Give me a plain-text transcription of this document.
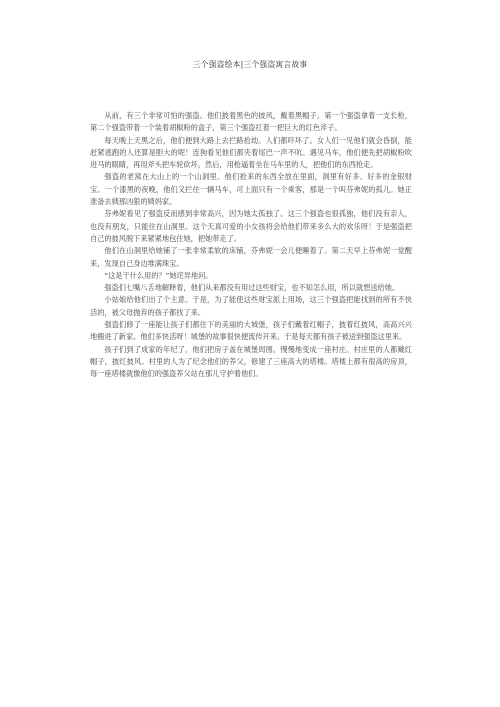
三个强盗绘本|三个强盗寓言故事

从前，有三个非常可怕的强盗。他们披着黑色的披风，戴着黑帽子。第一个强盗拿着一支长枪，第二个强盗带着一个装着胡椒粉的盒子，第三个强盗扛着一把巨大的红色斧子。

每天晚上天黑之后，他们便到大路上去拦路抢劫。人们都吓坏了。女人们一见他们就会昏倒，能赶紧逃跑的人还算是胆大的呢！连狗看见他们都夹着尾巴一声不吭。遇见马车，他们便先把胡椒粉吹进马的眼睛，再用斧头把车轮砍坏，然后，用枪逼着坐在马车里的人，把他们的东西抢走。

强盗的老窝在大山上的一个山洞里。他们抢来的东西全放在里面，洞里有好多、好多的金银财宝。一个漆黑的夜晚，他们又拦住一辆马车，可上面只有一个乘客，那是一个叫芬弗妮的孤儿。她正准备去姨那凶狠的姨妈家。

芬弗妮看见了强盗反而感到非常高兴，因为她太孤独了。这三个强盗也很孤独，他们没有亲人，也没有朋友，只能住在山洞里。这个天真可爱的小女孩将会给他们带来多么大的欢乐呀！于是强盗把自己的披风脱下来紧紧地包住她，把她带走了。

他们在山洞里给她铺了一张非常柔软的床铺，芬弗妮一会儿便睡着了。第二天早上芬弗妮一觉醒来，发现自己身边堆满珠宝。

“这是干什么用的？”她诧异地问。

强盗们七嘴八舌地解释着，他们从来都没有用过这些财宝，也不知怎么用，所以就想送给她。

小姑娘给他们出了个主意。于是，为了能使这些财宝派上用场，这三个强盗把能找到的所有不快活的，被父母抛弃的孩子都找了来。

强盗们修了一座能让孩子们都住下的美丽的大城堡，孩子们戴着红帽子，披着红披风，高高兴兴地搬进了新家。他们多快活呀！城堡的故事很快便流传开来。于是每天都有孩子被送到强盗这里来。

孩子们到了成家的年纪了。他们把房子盖在城堡周围。慢慢地变成一座村庄。村庄里的人都戴红帽子，披红披风。村里的人为了纪念他们的养父，修建了三座高大的塔楼。塔楼上都有很高的房顶，每一座塔楼就像他们的强盗养父站在那儿守护着他们。
